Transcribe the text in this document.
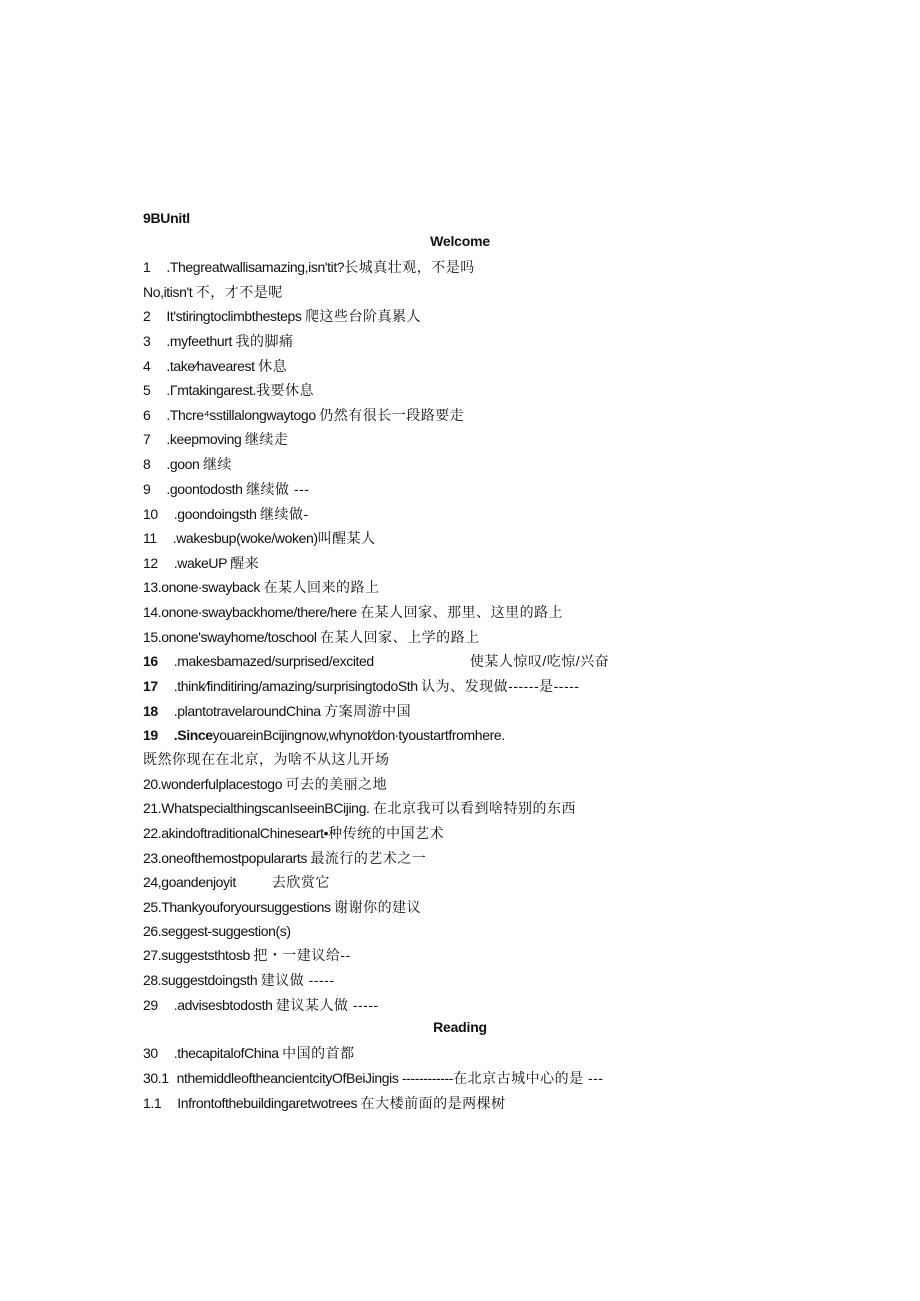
9BUnitl
Welcome
1 .Thegreatwallisamazing,isn'tit?长城真壮观，不是吗
No,itisn't 不，才不是呢
2 It'stiringtoclimbthesteps 爬这些台阶真累人
3 .myfeethurt 我的脚痛
4 .take∕havearest 休息
5 .Γmtakingarest.我要休息
6 .Thcre⁴sstillalongwaytogo 仍然有很长一段路要走
7 .keepmoving 继续走
8 .goon 继续
9 .goontodosth 继续做 ---
10 .goondoingsth 继续做-
11 .wakesbup(woke/woken)叫醒某人
12 .wakeUP 醒来
13.onone∙swayback 在某人回来的路上
14.onone∙swaybackhome/there/here 在某人回家、那里、这里的路上
15.onone'swayhome/toschool 在某人回家、上学的路上
16 .makesbamazed/surprised/excited	使某人惊叹/吃惊/兴奋
17 .think∕finditiring/amazing/surprisingtodoSth 认为、发现做------是-----
18 .plantotravelaroundChina 方案周游中国
19 .SinceyouareinBcijingnow,whynot∕don∙tyoustartfromhere.
既然你现在在北京，为啥不从这儿开场
20.wonderfulplacestogo 可去的美丽之地
21.WhatspecialthingscanIseeinBCijing. 在北京我可以看到啥特别的东西
22.akindoftraditionalChineseart•种传统的中国艺术
23.oneofthemostpopulararts 最流行的艺术之一
24,goandenjoyit	去欣赏它
25.Thankyouforyoursuggestions 谢谢你的建议
26.seggest-suggestion(s)
27.suggeststhtosb 把・一建议给--
28.suggestdoingsth 建议做 -----
29 .advisesbtodosth 建议某人做 -----
Reading
30 .thecapitalofChina 中国的首都
30.1 nthemiddleoftheancientcityOfBeiJingis ------------在北京古城中心的是 ---
1.1 Infrontofthebuildingaretwotrees 在大楼前面的是两棵树
